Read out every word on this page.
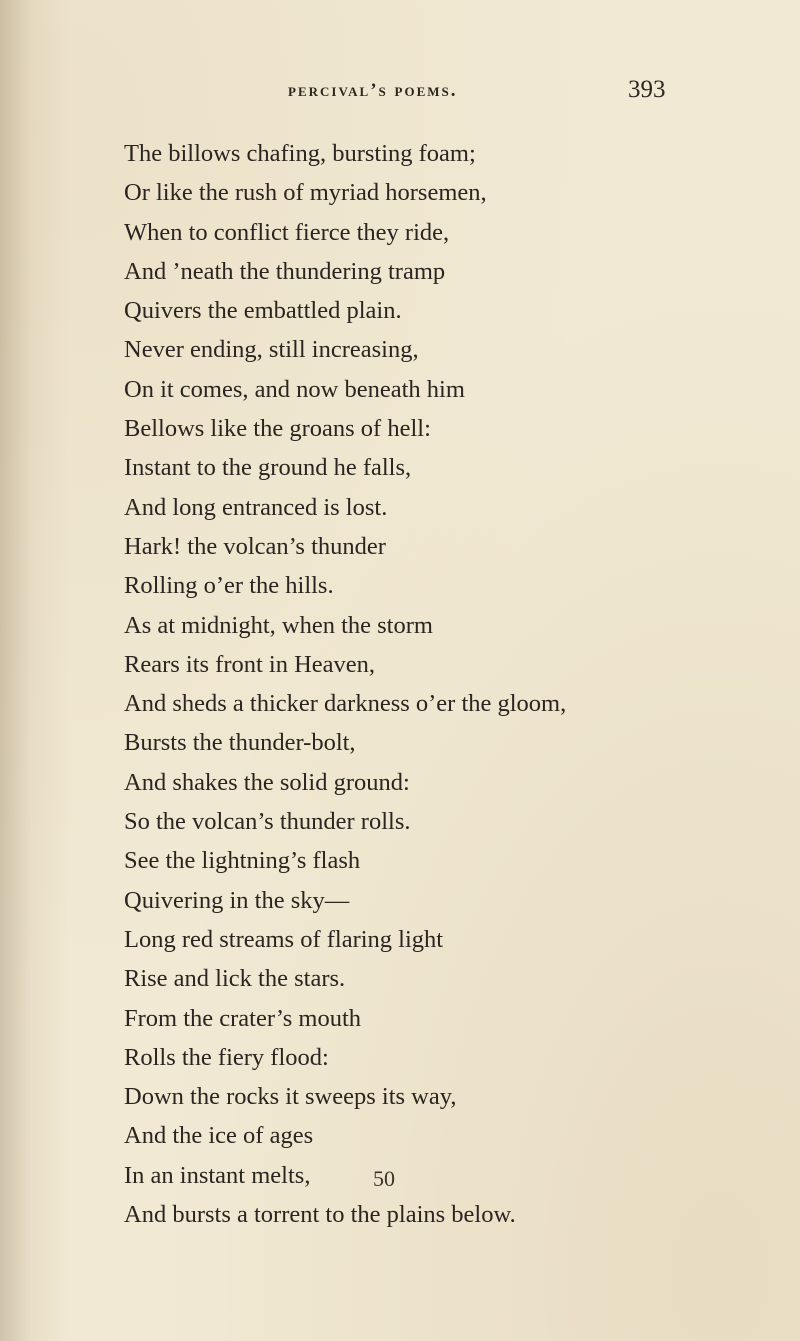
percival’s poems.	393
The billows chafing, bursting foam;
Or like the rush of myriad horsemen,
When to conflict fierce they ride,
And ’neath the thundering tramp
Quivers the embattled plain.
Never ending, still increasing,
On it comes, and now beneath him
Bellows like the groans of hell:
Instant to the ground he falls,
And long entranced is lost.
Hark! the volcan’s thunder
Rolling o’er the hills.
As at midnight, when the storm
Rears its front in Heaven,
And sheds a thicker darkness o’er the gloom,
Bursts the thunder-bolt,
And shakes the solid ground:
So the volcan’s thunder rolls.
See the lightning’s flash
Quivering in the sky—
Long red streams of flaring light
Rise and lick the stars.
From the crater’s mouth
Rolls the fiery flood:
Down the rocks it sweeps its way,
And the ice of ages
In an instant melts,
And bursts a torrent to the plains below.
50
